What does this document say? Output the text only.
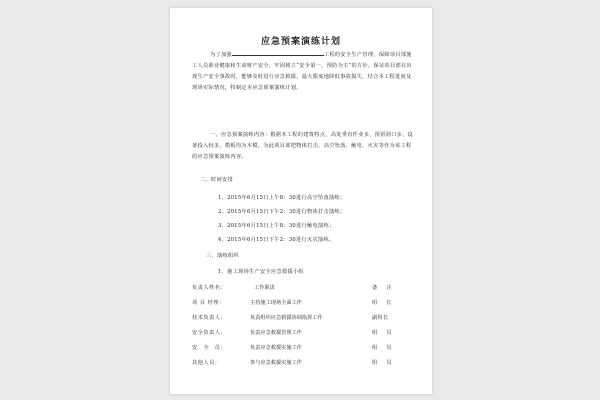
应急预案演练计划
为了加强	工程的安全生产管理，保障项目部施工人员职业健康和生命财产安全，牢固树立“安全第一，预防为主”的方针，保证项目部在出现生产安全事故时，能够及时进行应急救援，最大限度地降低事故损失，结合本工程进度及现场实际情况，特制定本应急预案演练计划。
一、应急预案演练内容：根据本工程的建筑特点，高处垂直作业多，预留洞口多，设备投入较多，模板均为木模，为此项目部把物体打击、高空坠落、触电、火灾等作为该工程的应急预案演练内容。
二、时间安排
1、2015年6月15日上午8：30进行高空坠落演练；
2、2015年6月15日下午2：30进行物体打击演练；
3、2015年6月15日上午8：30进行触电演练；
4、2015年6月15日下午2：30进行火灾演练。
三、演练组织
1、施工现场生产安全应急救援小组
负责人姓名：	工作职责	备　注
项 目 经理：	主持施工现场全面工作	组　长
技术负责人：	负责组织应急救援协调指挥工作	副组长
安全负责人：	负责应急救援管理工作	组　员
安　全　员：	负责应急救援实施工作	组　员
其他人员：	参与应急救援实施工作	组　员
